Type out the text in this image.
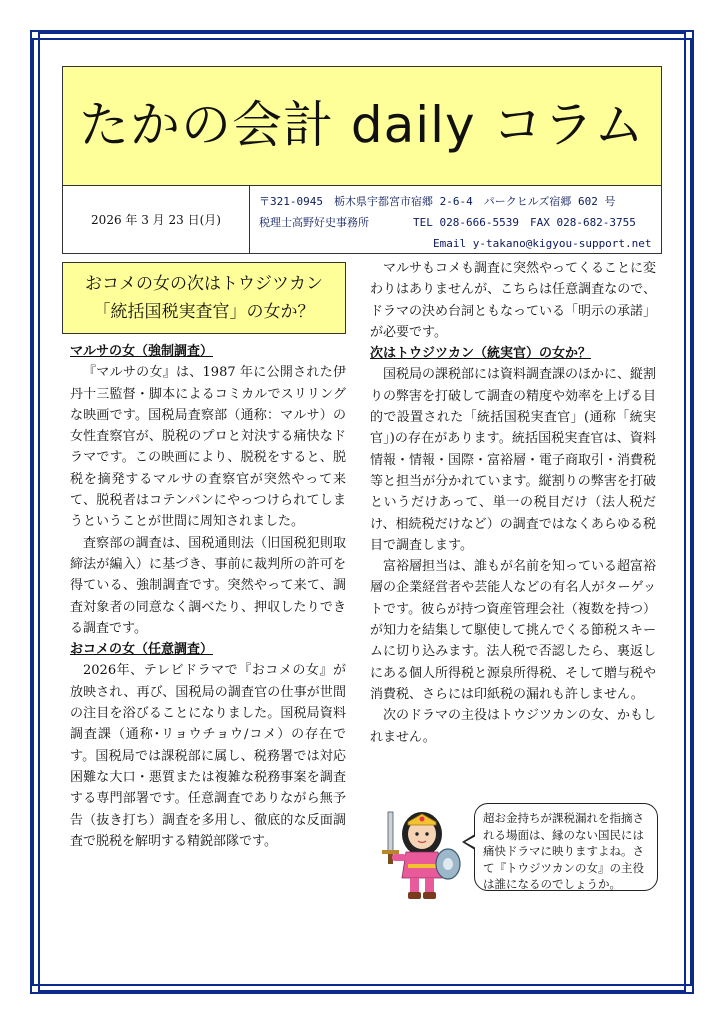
たかの会計 daily コラム
2026 年 3 月 23 日(月)
〒321-0945　栃木県宇都宮市宿郷 2-6-4　パークヒルズ宿郷 602 号
税理士高野好史事務所　　　　TEL 028-666-5539　FAX 028-682-3755
Email y-takano@kigyou-support.net
おコメの女の次はトウジツカン
「統括国税実査官」の女か？
マルサの女（強制調査）

『マルサの女』は、1987 年に公開された伊丹十三監督・脚本によるコミカルでスリリングな映画です。国税局査察部（通称：マルサ）の女性査察官が、脱税のプロと対決する痛快なドラマです。この映画により、脱税をすると、脱税を摘発するマルサの査察官が突然やって来て、脱税者はコテンパンにやっつけられてしまうということが世間に周知されました。

査察部の調査は、国税通則法（旧国税犯則取締法が編入）に基づき、事前に裁判所の許可を得ている、強制調査です。突然やって来て、調査対象者の同意なく調べたり、押収したりできる調査です。

おコメの女（任意調査）

2026年、テレビドラマで『おコメの女』が放映され、再び、国税局の調査官の仕事が世間の注目を浴びることになりました。国税局資料調査課（通称･リョウチョウ/コメ）の存在です。国税局では課税部に属し、税務署では対応困難な大口・悪質または複雑な税務事案を調査する専門部署です。任意調査でありながら無予告（抜き打ち）調査を多用し、徹底的な反面調査で脱税を解明する精鋭部隊です。

マルサもコメも調査に突然やってくることに変わりはありませんが、こちらは任意調査なので、ドラマの決め台詞ともなっている「明示の承諾」が必要です。

次はトウジツカン（統実官）の女か？

国税局の課税部には資料調査課のほかに、縦割りの弊害を打破して調査の精度や効率を上げる目的で設置された「統括国税実査官」(通称「統実官」)の存在があります。統括国税実査官は、資料情報・情報・国際・富裕層・電子商取引・消費税等と担当が分かれています。縦割りの弊害を打破というだけあって、単一の税目だけ（法人税だけ、相続税だけなど）の調査ではなくあらゆる税目で調査します。

富裕層担当は、誰もが名前を知っている超富裕層の企業経営者や芸能人などの有名人がターゲットです。彼らが持つ資産管理会社（複数を持つ）が知力を結集して駆使して挑んでくる節税スキームに切り込みます。法人税で否認したら、裏返しにある個人所得税と源泉所得税、そして贈与税や消費税、さらには印紙税の漏れも許しません。

次のドラマの主役はトウジツカンの女、かもしれません。

超お金持ちが課税漏れを指摘される場面は、縁のない国民には痛快ドラマに映りますよね。さて『トウジツカンの女』の主役は誰になるのでしょうか。
